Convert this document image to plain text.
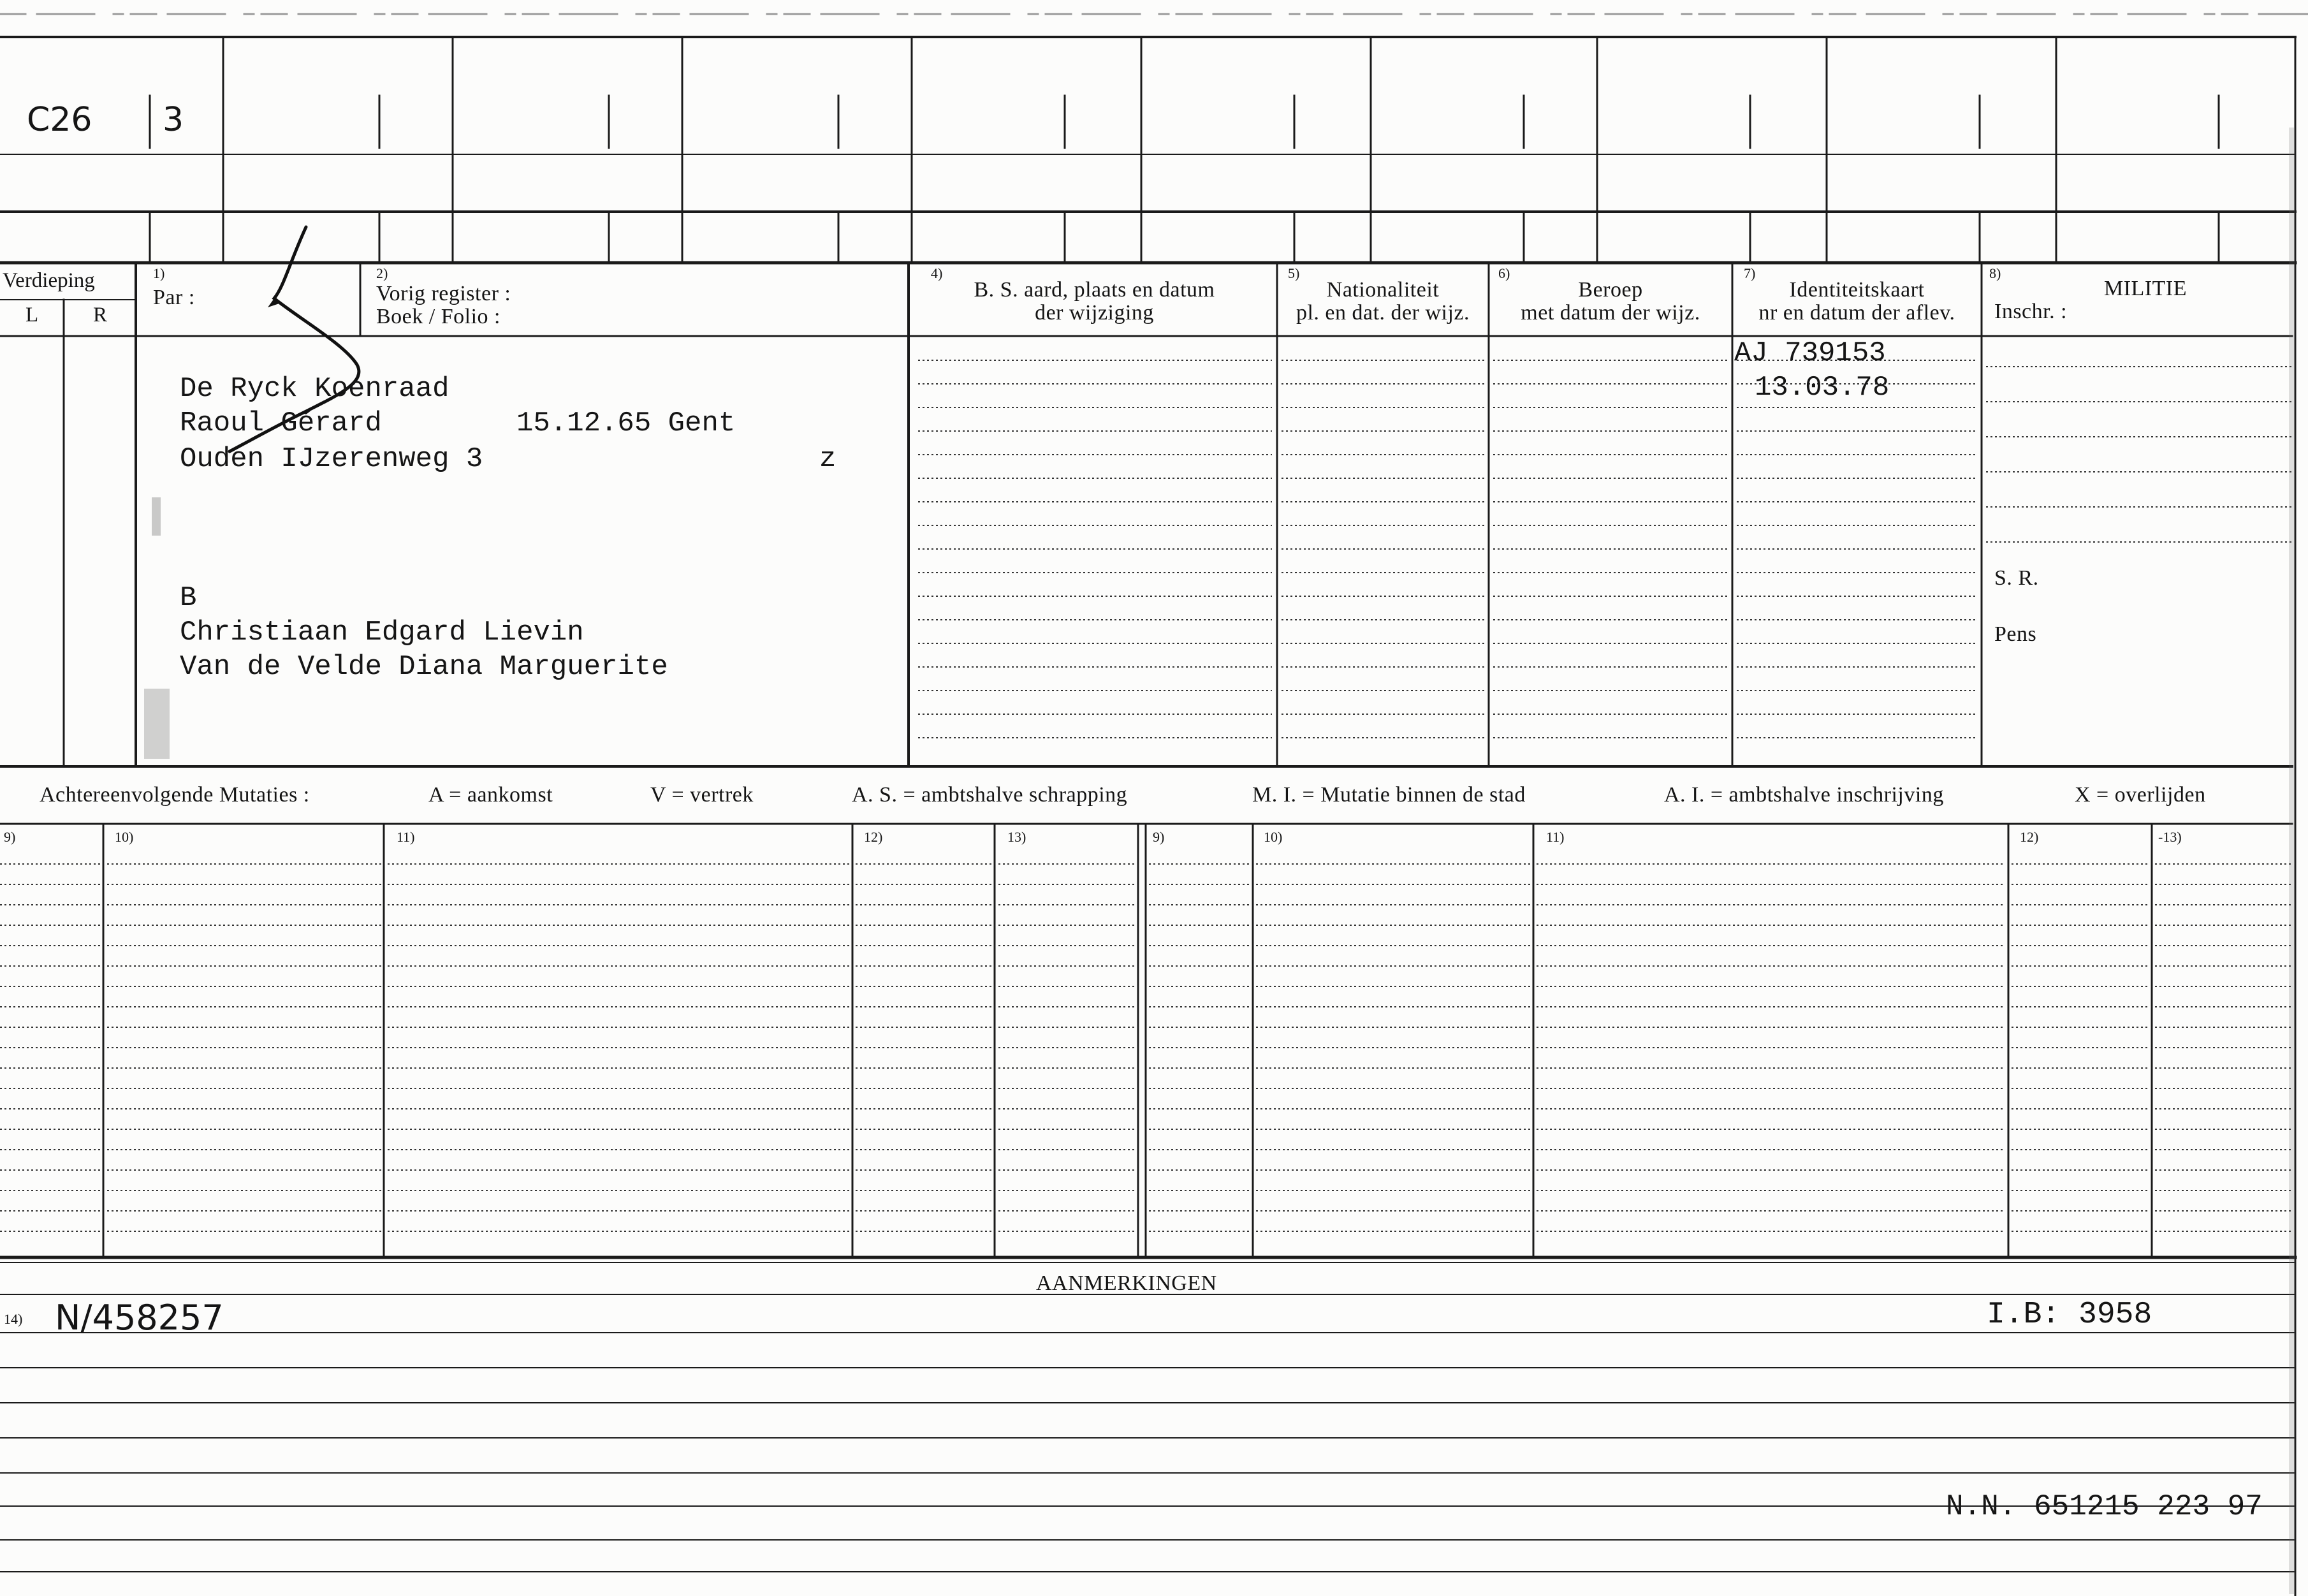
C26 3
Verdieping
L	R
1)
Par :
2)
Vorig register :
Boek / Folio :
4)
B. S. aard, plaats en datum
der wijziging
5)
Nationaliteit
pl. en dat. der wijz.
6)
Beroep
met datum der wijz.
7)
Identiteitskaart
nr en datum der aflev.
8)
MILITIE
Inschr. :
S. R.
Pens
De Ryck Koenraad
Raoul Gérard	15.12.65 Gent
Ouden IJzerenweg 3	z
B
Christiaan Edgard Lievin
Van de Velde Diana Marguerite
AJ 739153
13.03.78
Achtereenvolgende Mutaties :	A = aankomst	V = vertrek	A. S. = ambtshalve schrapping	M. I. = Mutatie binnen de stad	A. I. = ambtshalve inschrijving	X = overlijden
9)	10)	11)	12)	13)	9)	10)	11)	12)	-13)
AANMERKINGEN
14) N/458257	I.B: 3958
N.N. 651215 223 97
